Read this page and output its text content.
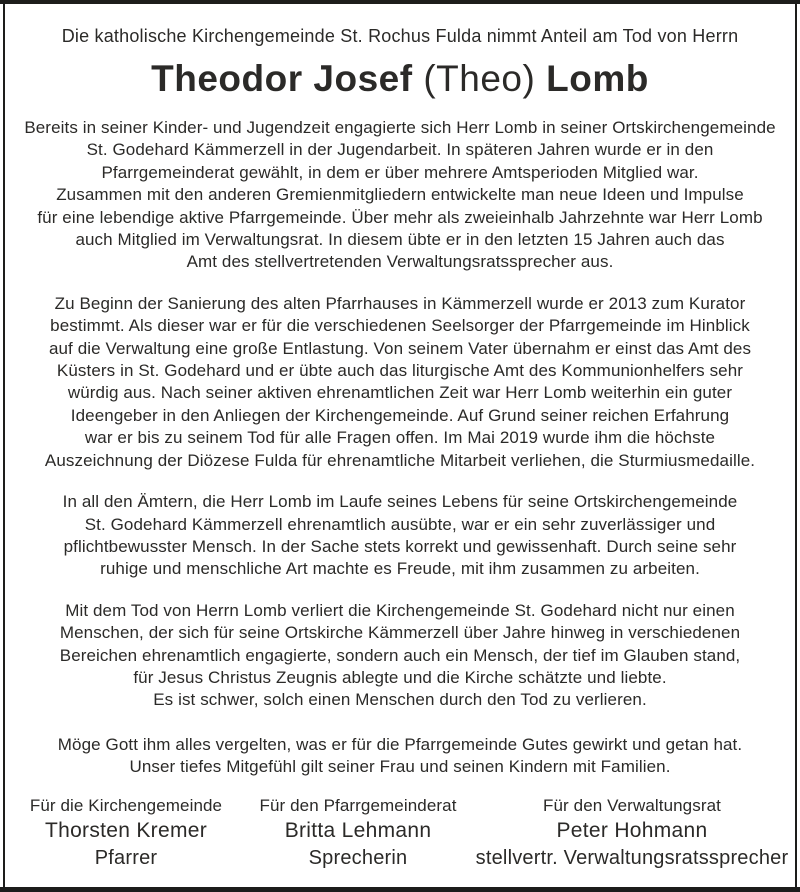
Die katholische Kirchengemeinde St. Rochus Fulda nimmt Anteil am Tod von Herrn
Theodor Josef (Theo) Lomb

Bereits in seiner Kinder- und Jugendzeit engagierte sich Herr Lomb in seiner Ortskirchengemeinde
St. Godehard Kämmerzell in der Jugendarbeit. In späteren Jahren wurde er in den
Pfarrgemeinderat gewählt, in dem er über mehrere Amtsperioden Mitglied war.
Zusammen mit den anderen Gremienmitgliedern entwickelte man neue Ideen und Impulse
für eine lebendige aktive Pfarrgemeinde. Über mehr als zweieinhalb Jahrzehnte war Herr Lomb
auch Mitglied im Verwaltungsrat. In diesem übte er in den letzten 15 Jahren auch das
Amt des stellvertretenden Verwaltungsratssprecher aus.

Zu Beginn der Sanierung des alten Pfarrhauses in Kämmerzell wurde er 2013 zum Kurator
bestimmt. Als dieser war er für die verschiedenen Seelsorger der Pfarrgemeinde im Hinblick
auf die Verwaltung eine große Entlastung. Von seinem Vater übernahm er einst das Amt des
Küsters in St. Godehard und er übte auch das liturgische Amt des Kommunionhelfers sehr
würdig aus. Nach seiner aktiven ehrenamtlichen Zeit war Herr Lomb weiterhin ein guter
Ideengeber in den Anliegen der Kirchengemeinde. Auf Grund seiner reichen Erfahrung
war er bis zu seinem Tod für alle Fragen offen. Im Mai 2019 wurde ihm die höchste
Auszeichnung der Diözese Fulda für ehrenamtliche Mitarbeit verliehen, die Sturmiusmedaille.

In all den Ämtern, die Herr Lomb im Laufe seines Lebens für seine Ortskirchengemeinde
St. Godehard Kämmerzell ehrenamtlich ausübte, war er ein sehr zuverlässiger und
pflichtbewusster Mensch. In der Sache stets korrekt und gewissenhaft. Durch seine sehr
ruhige und menschliche Art machte es Freude, mit ihm zusammen zu arbeiten.

Mit dem Tod von Herrn Lomb verliert die Kirchengemeinde St. Godehard nicht nur einen
Menschen, der sich für seine Ortskirche Kämmerzell über Jahre hinweg in verschiedenen
Bereichen ehrenamtlich engagierte, sondern auch ein Mensch, der tief im Glauben stand,
für Jesus Christus Zeugnis ablegte und die Kirche schätzte und liebte.
Es ist schwer, solch einen Menschen durch den Tod zu verlieren.

Möge Gott ihm alles vergelten, was er für die Pfarrgemeinde Gutes gewirkt und getan hat.
Unser tiefes Mitgefühl gilt seiner Frau und seinen Kindern mit Familien.

Für die Kirchengemeinde
Thorsten Kremer
Pfarrer
Für den Pfarrgemeinderat
Britta Lehmann
Sprecherin
Für den Verwaltungsrat
Peter Hohmann
stellvertr. Verwaltungsratssprecher
